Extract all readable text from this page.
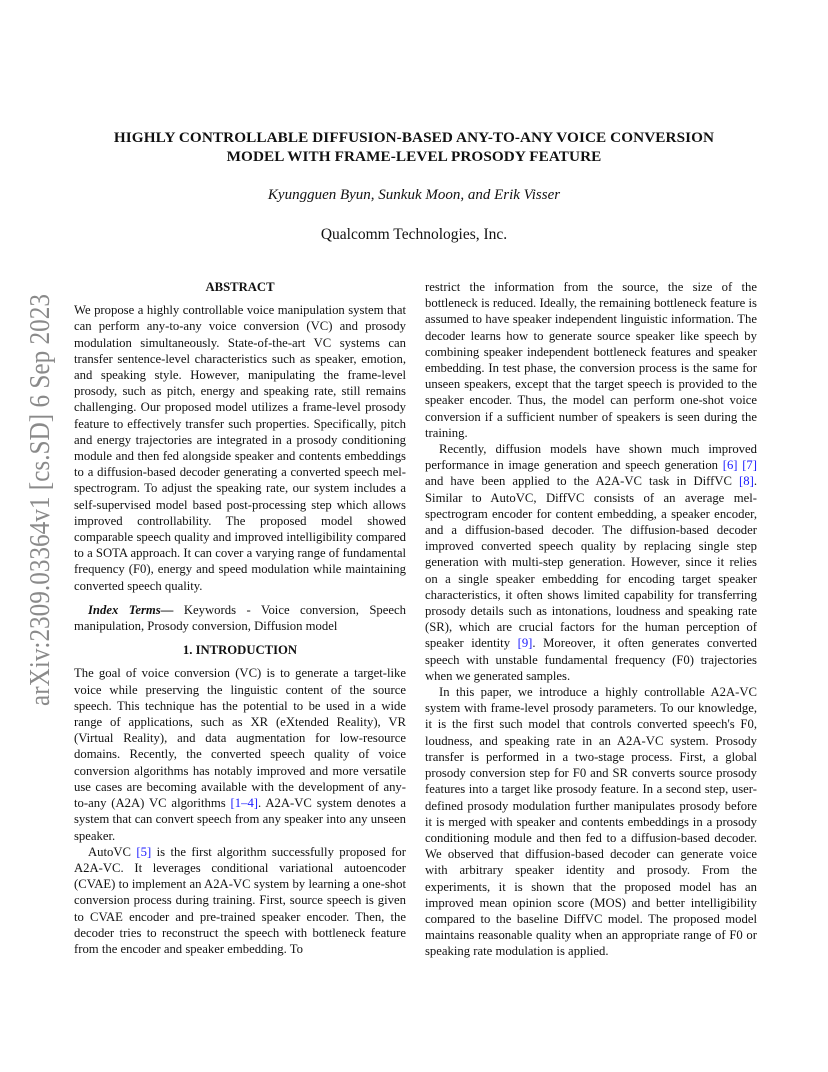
arXiv:2309.03364v1 [cs.SD] 6 Sep 2023
HIGHLY CONTROLLABLE DIFFUSION-BASED ANY-TO-ANY VOICE CONVERSION
MODEL WITH FRAME-LEVEL PROSODY FEATURE
Kyungguen Byun, Sunkuk Moon, and Erik Visser
Qualcomm Technologies, Inc.
ABSTRACT

We propose a highly controllable voice manipulation system that can perform any-to-any voice conversion (VC) and prosody modulation simultaneously. State-of-the-art VC systems can transfer sentence-level characteristics such as speaker, emotion, and speaking style. However, manipulating the frame-level prosody, such as pitch, energy and speaking rate, still remains challenging. Our proposed model utilizes a frame-level prosody feature to effectively transfer such properties. Specifically, pitch and energy trajectories are integrated in a prosody conditioning module and then fed alongside speaker and contents embeddings to a diffusion-based decoder generating a converted speech mel-spectrogram. To adjust the speaking rate, our system includes a self-supervised model based post-processing step which allows improved controllability. The proposed model showed comparable speech quality and improved intelligibility compared to a SOTA approach. It can cover a varying range of fundamental frequency (F0), energy and speed modulation while maintaining converted speech quality.

Index Terms— Keywords - Voice conversion, Speech manipulation, Prosody conversion, Diffusion model

1. INTRODUCTION

The goal of voice conversion (VC) is to generate a target-like voice while preserving the linguistic content of the source speech. This technique has the potential to be used in a wide range of applications, such as XR (eXtended Reality), VR (Virtual Reality), and data augmentation for low-resource domains. Recently, the converted speech quality of voice conversion algorithms has notably improved and more versatile use cases are becoming available with the development of any-to-any (A2A) VC algorithms [1–4]. A2A-VC system denotes a system that can convert speech from any speaker into any unseen speaker.

AutoVC [5] is the first algorithm successfully proposed for A2A-VC. It leverages conditional variational autoencoder (CVAE) to implement an A2A-VC system by learning a one-shot conversion process during training. First, source speech is given to CVAE encoder and pre-trained speaker encoder. Then, the decoder tries to reconstruct the speech with bottleneck feature from the encoder and speaker embedding. To

restrict the information from the source, the size of the bottleneck is reduced. Ideally, the remaining bottleneck feature is assumed to have speaker independent linguistic information. The decoder learns how to generate source speaker like speech by combining speaker independent bottleneck features and speaker embedding. In test phase, the conversion process is the same for unseen speakers, except that the target speech is provided to the speaker encoder. Thus, the model can perform one-shot voice conversion if a sufficient number of speakers is seen during the training.

Recently, diffusion models have shown much improved performance in image generation and speech generation [6] [7] and have been applied to the A2A-VC task in DiffVC [8]. Similar to AutoVC, DiffVC consists of an average mel-spectrogram encoder for content embedding, a speaker encoder, and a diffusion-based decoder. The diffusion-based decoder improved converted speech quality by replacing single step generation with multi-step generation. However, since it relies on a single speaker embedding for encoding target speaker characteristics, it often shows limited capability for transferring prosody details such as intonations, loudness and speaking rate (SR), which are crucial factors for the human perception of speaker identity [9]. Moreover, it often generates converted speech with unstable fundamental frequency (F0) trajectories when we generated samples.

In this paper, we introduce a highly controllable A2A-VC system with frame-level prosody parameters. To our knowledge, it is the first such model that controls converted speech's F0, loudness, and speaking rate in an A2A-VC system. Prosody transfer is performed in a two-stage process. First, a global prosody conversion step for F0 and SR converts source prosody features into a target like prosody feature. In a second step, user-defined prosody modulation further manipulates prosody before it is merged with speaker and contents embeddings in a prosody conditioning module and then fed to a diffusion-based decoder. We observed that diffusion-based decoder can generate voice with arbitrary speaker identity and prosody. From the experiments, it is shown that the proposed model has an improved mean opinion score (MOS) and better intelligibility compared to the baseline DiffVC model. The proposed model maintains reasonable quality when an appropriate range of F0 or speaking rate modulation is applied.
